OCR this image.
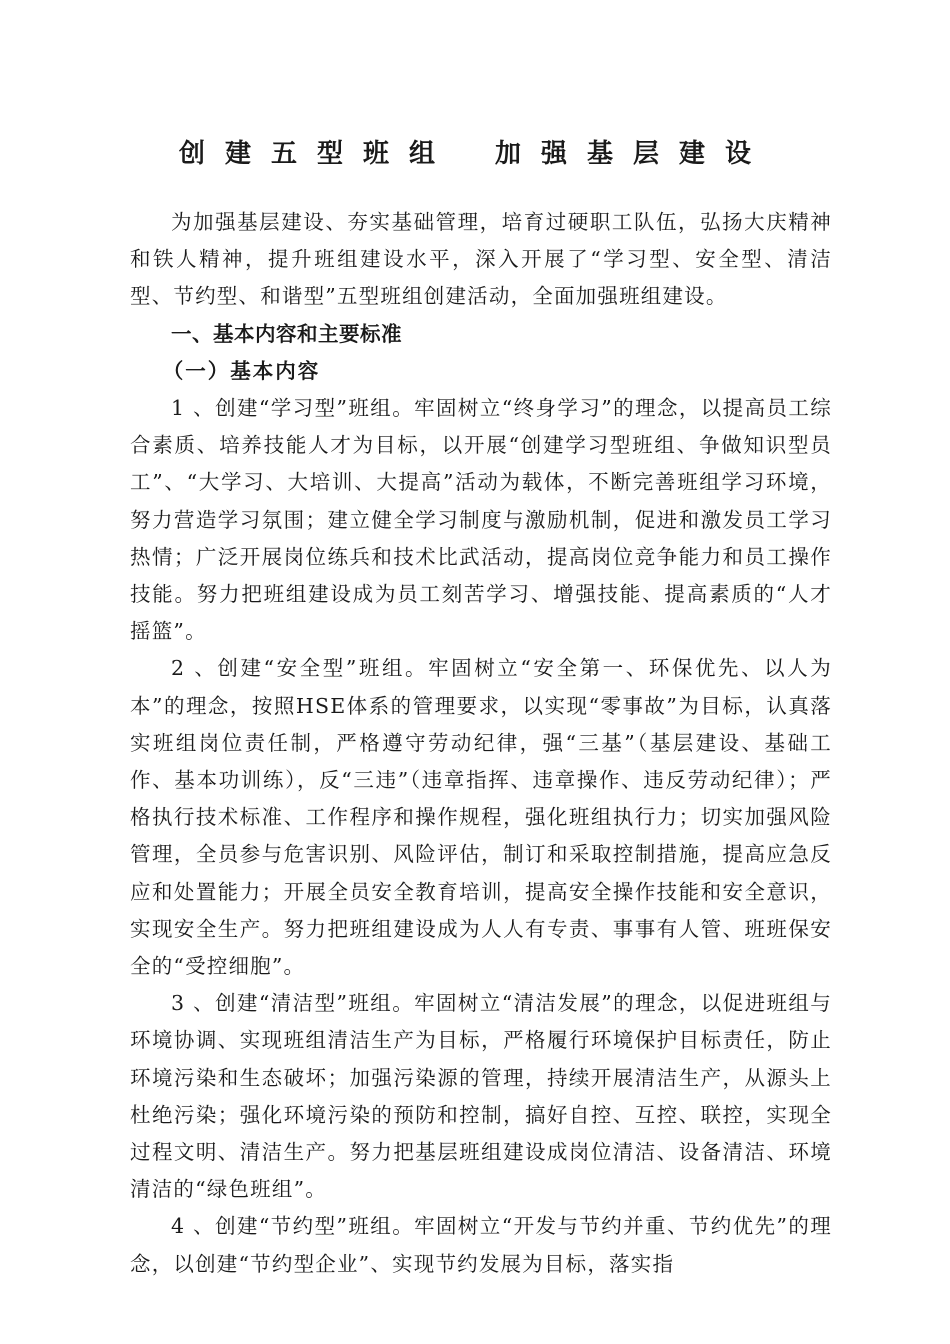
创建五型班组 加强基层建设

为加强基层建设、夯实基础管理，培育过硬职工队伍，弘扬大庆精神和铁人精神，提升班组建设水平，深入开展了“学习型、安全型、清洁型、节约型、和谐型”五型班组创建活动，全面加强班组建设。

一、基本内容和主要标准

（一）基本内容

1 、创建“学习型”班组。牢固树立“终身学习”的理念，以提高员工综合素质、培养技能人才为目标，以开展“创建学习型班组、争做知识型员工”、“大学习、大培训、大提高”活动为载体，不断完善班组学习环境，努力营造学习氛围；建立健全学习制度与激励机制，促进和激发员工学习热情；广泛开展岗位练兵和技术比武活动，提高岗位竞争能力和员工操作技能。努力把班组建设成为员工刻苦学习、增强技能、提高素质的“人才摇篮”。

2 、创建“安全型”班组。牢固树立“安全第一、环保优先、以人为本”的理念，按照HSE体系的管理要求，以实现“零事故”为目标，认真落实班组岗位责任制，严格遵守劳动纪律，强“三基”（基层建设、基础工作、基本功训练），反“三违”（违章指挥、违章操作、违反劳动纪律）；严格执行技术标准、工作程序和操作规程，强化班组执行力；切实加强风险管理，全员参与危害识别、风险评估，制订和采取控制措施，提高应急反应和处置能力；开展全员安全教育培训，提高安全操作技能和安全意识，实现安全生产。努力把班组建设成为人人有专责、事事有人管、班班保安全的“受控细胞”。

3 、创建“清洁型”班组。牢固树立“清洁发展”的理念，以促进班组与环境协调、实现班组清洁生产为目标，严格履行环境保护目标责任，防止环境污染和生态破坏；加强污染源的管理，持续开展清洁生产，从源头上杜绝污染；强化环境污染的预防和控制，搞好自控、互控、联控，实现全过程文明、清洁生产。努力把基层班组建设成岗位清洁、设备清洁、环境清洁的“绿色班组”。

4 、创建“节约型”班组。牢固树立“开发与节约并重、节约优先”的理念，以创建“节约型企业”、实现节约发展为目标，落实指
